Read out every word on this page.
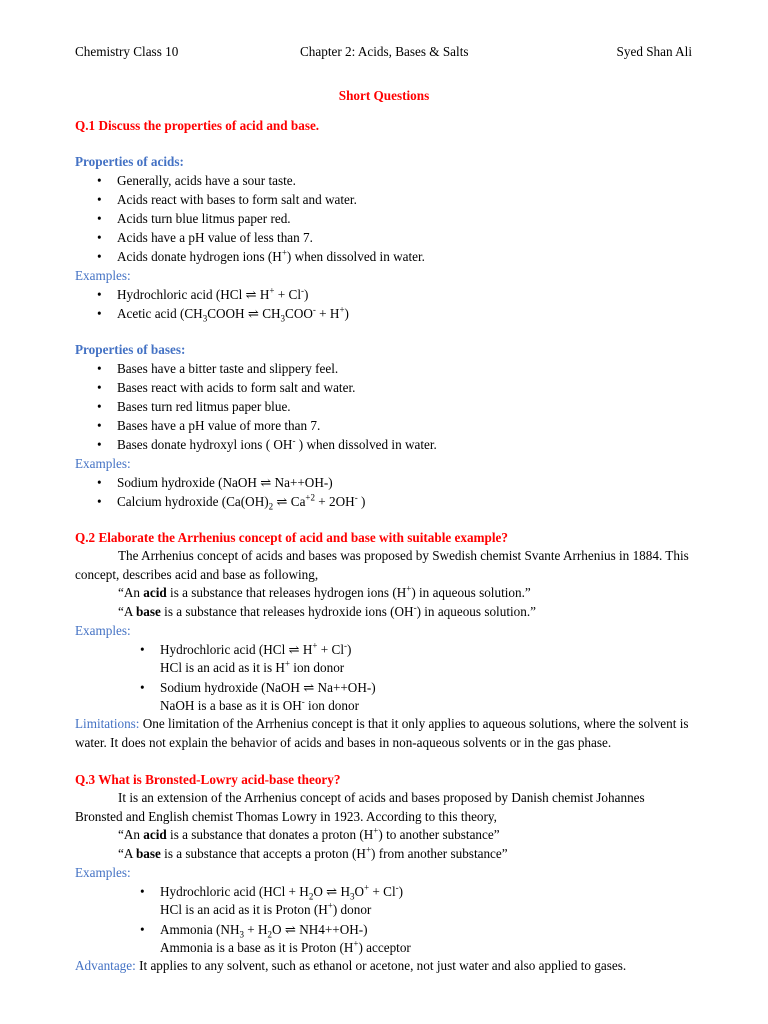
Chemistry Class 10	Chapter 2: Acids, Bases & Salts	Syed Shan Ali
Short Questions

Q.1 Discuss the properties of acid and base.

Properties of acids:

• Generally, acids have a sour taste.
• Acids react with bases to form salt and water.
• Acids turn blue litmus paper red.
• Acids have a pH value of less than 7.
• Acids donate hydrogen ions (H+) when dissolved in water.

Examples:

• Hydrochloric acid (HCl ⇌ H+ + Cl-)
• Acetic acid ($CH_3COOH$ ⇌ $CH_3COO^- + H^+$)

Properties of bases:

• Bases have a bitter taste and slippery feel.
• Bases react with acids to form salt and water.
• Bases turn red litmus paper blue.
• Bases have a pH value of more than 7.
• Bases donate hydroxyl ions ( OH- ) when dissolved in water.

Examples:

• Sodium hydroxide (NaOH ⇌ Na++OH-)
• Calcium hydroxide ($Ca(OH)_2$ ⇌ $Ca^{+2} + 2OH^-$ )

Q.2 Elaborate the Arrhenius concept of acid and base with suitable example?

The Arrhenius concept of acids and bases was proposed by Swedish chemist Svante Arrhenius in 1884. This concept, describes acid and base as following,

“An acid is a substance that releases hydrogen ions (H+) in aqueous solution.”

“A base is a substance that releases hydroxide ions (OH-) in aqueous solution.”

Examples:

• Hydrochloric acid (HCl ⇌ H+ + Cl-)
HCl is an acid as it is H+ ion donor
• Sodium hydroxide (NaOH ⇌ Na++OH-)
NaOH is a base as it is OH- ion donor

Limitations: One limitation of the Arrhenius concept is that it only applies to aqueous solutions, where the solvent is water. It does not explain the behavior of acids and bases in non-aqueous solvents or in the gas phase.

Q.3 What is Bronsted-Lowry acid-base theory?

It is an extension of the Arrhenius concept of acids and bases proposed by Danish chemist Johannes Bronsted and English chemist Thomas Lowry in 1923. According to this theory,

“An acid is a substance that donates a proton (H+) to another substance”

“A base is a substance that accepts a proton (H+) from another substance”

Examples:

• Hydrochloric acid ($HCl + H_2O$ ⇌ $H_3O^+ + Cl^-$)
HCl is an acid as it is Proton (H+) donor
• Ammonia ($NH_3 + H_2O$ ⇌ NH4++OH-)
Ammonia is a base as it is Proton (H+) acceptor

Advantage: It applies to any solvent, such as ethanol or acetone, not just water and also applied to gases.
